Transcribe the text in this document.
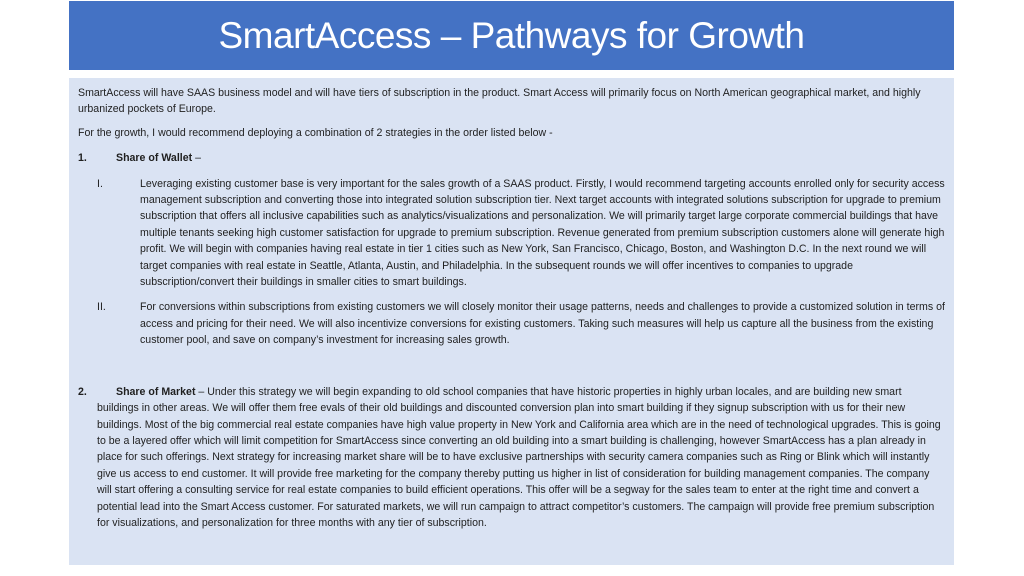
SmartAccess – Pathways for Growth

SmartAccess will have SAAS business model and will have tiers of subscription in the product. Smart Access will primarily focus on North American geographical market, and highly urbanized pockets of Europe.

For the growth, I would recommend deploying a combination of 2 strategies in the order listed below -

1.	Share of Wallet –
I.	Leveraging existing customer base is very important for the sales growth of a SAAS product. Firstly, I would recommend targeting accounts enrolled only for security access management subscription and converting those into integrated solution subscription tier. Next target accounts with integrated solutions subscription for upgrade to premium subscription that offers all inclusive capabilities such as analytics/visualizations and personalization. We will primarily target large corporate commercial buildings that have multiple tenants seeking high customer satisfaction for upgrade to premium subscription. Revenue generated from premium subscription customers alone will generate high profit. We will begin with companies having real estate in tier 1 cities such as New York, San Francisco, Chicago, Boston, and Washington D.C. In the next round we will target companies with real estate in Seattle, Atlanta, Austin, and Philadelphia. In the subsequent rounds we will offer incentives to companies to upgrade subscription/convert their buildings in smaller cities to smart buildings.
II.	For conversions within subscriptions from existing customers we will closely monitor their usage patterns, needs and challenges to provide a customized solution in terms of access and pricing for their need. We will also incentivize conversions for existing customers. Taking such measures will help us capture all the business from the existing customer pool, and save on company’s investment for increasing sales growth.

2.	Share of Market – Under this strategy we will begin expanding to old school companies that have historic properties in highly urban locales, and are building new smart buildings in other areas. We will offer them free evals of their old buildings and discounted conversion plan into smart building if they signup subscription with us for their new buildings. Most of the big commercial real estate companies have high value property in New York and California area which are in the need of technological upgrades. This is going to be a layered offer which will limit competition for SmartAccess since converting an old building into a smart building is challenging, however SmartAccess has a plan already in place for such offerings. Next strategy for increasing market share will be to have exclusive partnerships with security camera companies such as Ring or Blink which will instantly give us access to end customer. It will provide free marketing for the company thereby putting us higher in list of consideration for building management companies. The company will start offering a consulting service for real estate companies to build efficient operations. This offer will be a segway for the sales team to enter at the right time and convert a potential lead into the Smart Access customer. For saturated markets, we will run campaign to attract competitor’s customers. The campaign will provide free premium subscription for visualizations, and personalization for three months with any tier of subscription.
